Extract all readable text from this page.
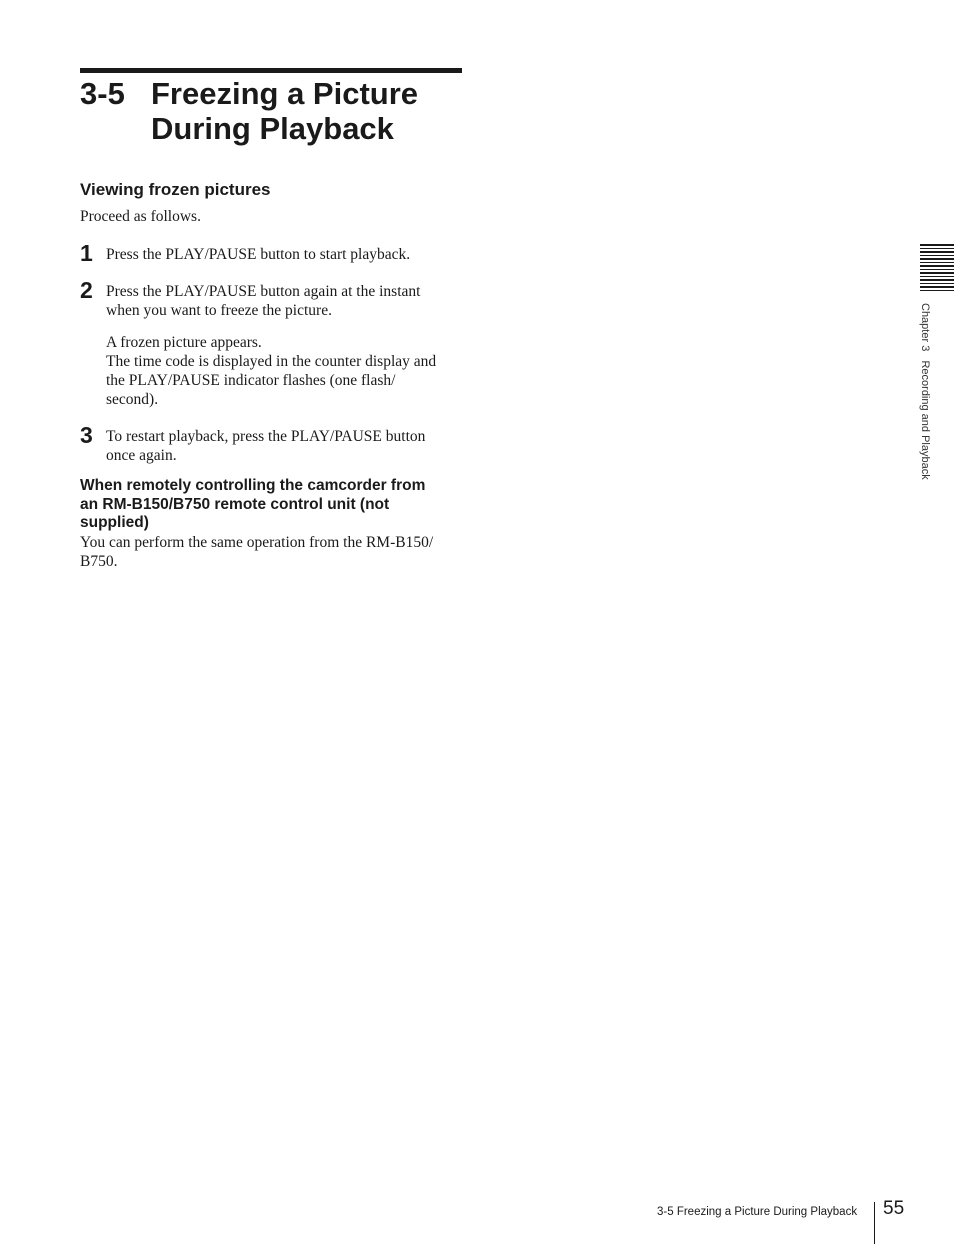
3-5 Freezing a Picture
During Playback
Viewing frozen pictures
Proceed as follows.
1 Press the PLAY/PAUSE button to start playback.
2 Press the PLAY/PAUSE button again at the instant
when you want to freeze the picture.
A frozen picture appears.
The time code is displayed in the counter display and
the PLAY/PAUSE indicator flashes (one flash/
second).
3 To restart playback, press the PLAY/PAUSE button
once again.
When remotely controlling the camcorder from
an RM-B150/B750 remote control unit (not
supplied)
You can perform the same operation from the RM-B150/
B750.
Chapter 3   Recording and Playback
3-5 Freezing a Picture During Playback 55
